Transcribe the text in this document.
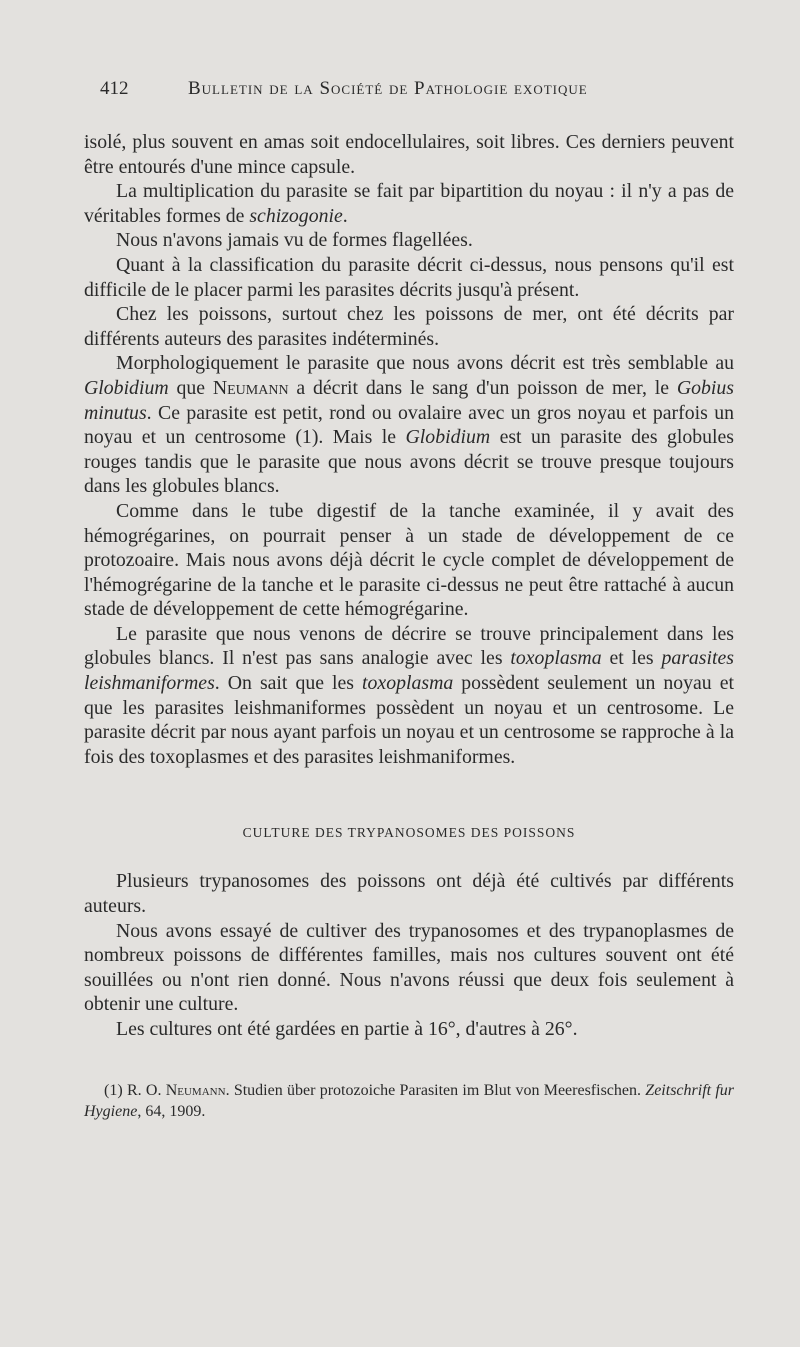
412	Bulletin de la Société de Pathologie exotique

isolé, plus souvent en amas soit endocellulaires, soit libres. Ces derniers peuvent être entourés d'une mince capsule.

La multiplication du parasite se fait par bipartition du noyau : il n'y a pas de véritables formes de schizogonie.

Nous n'avons jamais vu de formes flagellées.

Quant à la classification du parasite décrit ci-dessus, nous pensons qu'il est difficile de le placer parmi les parasites décrits jusqu'à présent.

Chez les poissons, surtout chez les poissons de mer, ont été décrits par différents auteurs des parasites indéterminés.

Morphologiquement le parasite que nous avons décrit est très semblable au Globidium que Neumann a décrit dans le sang d'un poisson de mer, le Gobius minutus. Ce parasite est petit, rond ou ovalaire avec un gros noyau et parfois un noyau et un centrosome (1). Mais le Globidium est un parasite des globules rouges tandis que le parasite que nous avons décrit se trouve presque toujours dans les globules blancs.

Comme dans le tube digestif de la tanche examinée, il y avait des hémogrégarines, on pourrait penser à un stade de développement de ce protozoaire. Mais nous avons déjà décrit le cycle complet de développement de l'hémogrégarine de la tanche et le parasite ci-dessus ne peut être rattaché à aucun stade de développement de cette hémogrégarine.

Le parasite que nous venons de décrire se trouve principalement dans les globules blancs. Il n'est pas sans analogie avec les toxoplasma et les parasites leishmaniformes. On sait que les toxoplasma possèdent seulement un noyau et que les parasites leishmaniformes possèdent un noyau et un centrosome. Le parasite décrit par nous ayant parfois un noyau et un centrosome se rapproche à la fois des toxoplasmes et des parasites leishmaniformes.

CULTURE DES TRYPANOSOMES DES POISSONS

Plusieurs trypanosomes des poissons ont déjà été cultivés par différents auteurs.

Nous avons essayé de cultiver des trypanosomes et des trypanoplasmes de nombreux poissons de différentes familles, mais nos cultures souvent ont été souillées ou n'ont rien donné. Nous n'avons réussi que deux fois seulement à obtenir une culture.

Les cultures ont été gardées en partie à 16°, d'autres à 26°.

(1) R. O. Neumann. Studien über protozoiche Parasiten im Blut von Meeresfischen. Zeitschrift fur Hygiene, 64, 1909.
